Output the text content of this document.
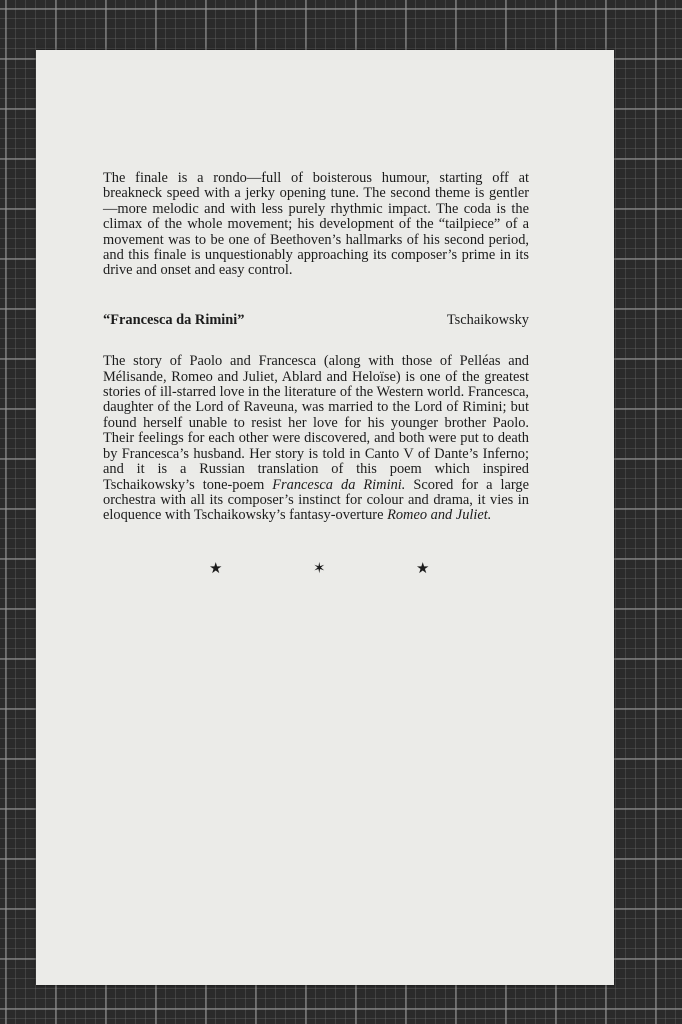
The finale is a rondo—full of boisterous humour, starting off at breakneck speed with a jerky opening tune. The second theme is gentler—more melodic and with less purely rhythmic impact. The coda is the climax of the whole movement; his development of the “tailpiece” of a movement was to be one of Beethoven’s hallmarks of his second period, and this finale is unquestionably approaching its composer’s prime in its drive and onset and easy control.

“Francesca da Rimini”	Tschaikowsky

The story of Paolo and Francesca (along with those of Pelléas and Mélisande, Romeo and Juliet, Ablard and Heloïse) is one of the greatest stories of ill-starred love in the literature of the Western world. Francesca, daughter of the Lord of Raveuna, was married to the Lord of Rimini; but found herself unable to resist her love for his younger brother Paolo. Their feelings for each other were discovered, and both were put to death by Francesca’s husband. Her story is told in Canto V of Dante’s Inferno; and it is a Russian translation of this poem which inspired Tschaikowsky’s tone-poem Francesca da Rimini. Scored for a large orchestra with all its composer’s instinct for colour and drama, it vies in eloquence with Tschaikowsky’s fantasy-overture Romeo and Juliet.

★	✶	★
